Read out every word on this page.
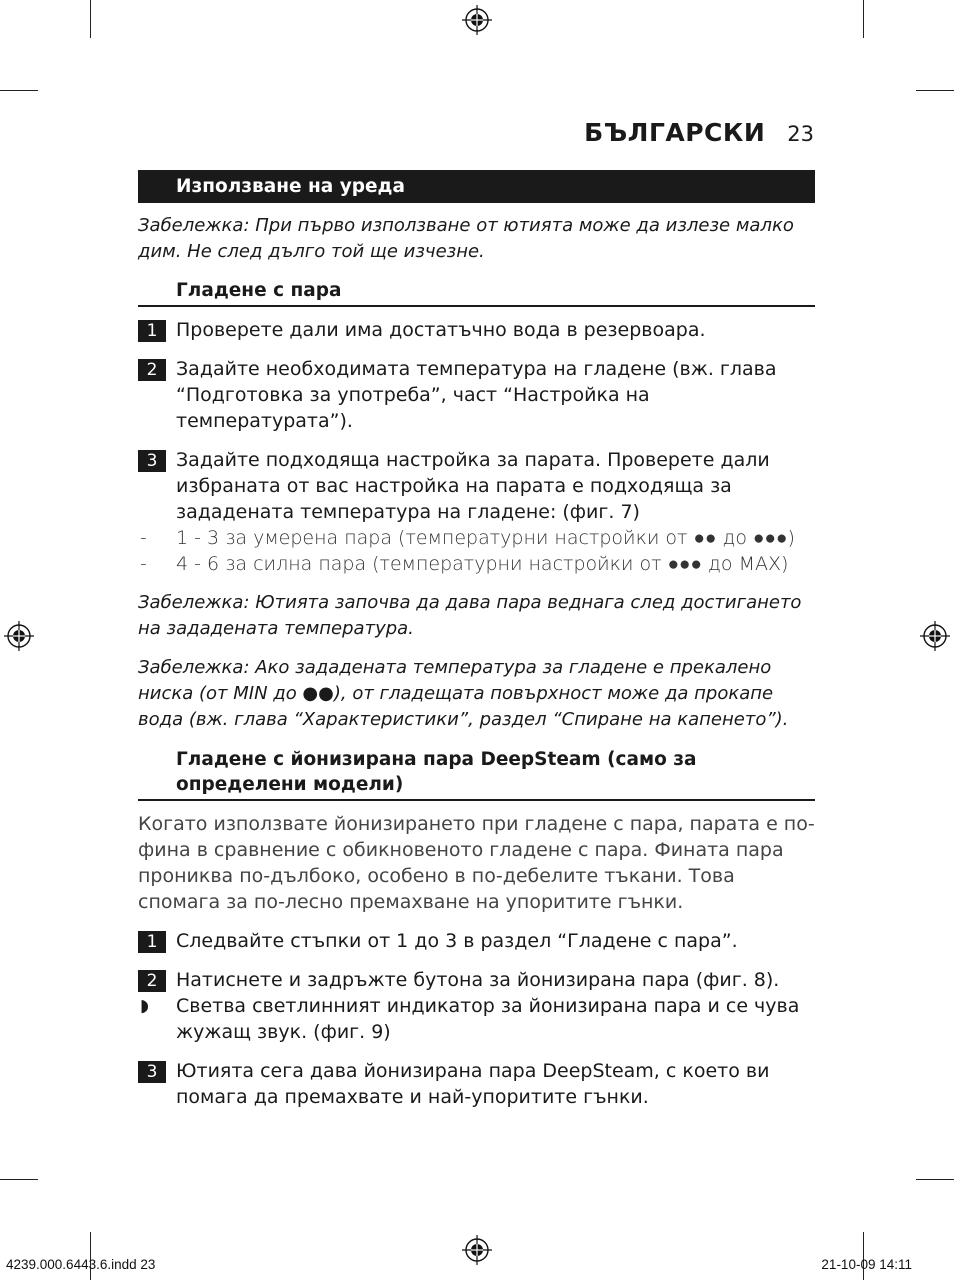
БЪЛГАРСКИ 23
Използване на уреда
Забележка: При първо използване от ютията може да излезе малко дим. Не след дълго той ще изчезне.
Гладене с пара
1 Проверете дали има достатъчно вода в резервоара.
2 Задайте необходимата температура на гладене (вж. глава “Подготовка за употреба”, част “Настройка на температурата”).
3 Задайте подходяща настройка за парата. Проверете дали избраната от вас настройка на парата е подходяща за зададената температура на гладене: (фиг. 7)
- 1 - 3 за умерена пара (температурни настройки от ●● до ●●●)
- 4 - 6 за силна пара (температурни настройки от ●●● до MAX)
Забележка: Ютията започва да дава пара веднага след достигането на зададената температура.
Забележка: Ако зададената температура за гладене е прекалено ниска (от MIN до ●●), от гладещата повърхност може да прокапе вода (вж. глава “Характеристики”, раздел “Спиране на капенето”).
Гладене с йонизирана пара DeepSteam (само за определени модели)
Когато използвате йонизирането при гладене с пара, парата е по-фина в сравнение с обикновеното гладене с пара. Фината пара прониква по-дълбоко, особено в по-дебелите тъкани. Това спомага за по-лесно премахване на упоритите гънки.
1 Следвайте стъпки от 1 до 3 в раздел “Гладене с пара”.
2 Натиснете и задръжте бутона за йонизирана пара (фиг. 8).
◗ Светва светлинният индикатор за йонизирана пара и се чува жужащ звук. (фиг. 9)
3 Ютията сега дава йонизирана пара DeepSteam, с което ви помага да премахвате и най-упоритите гънки.
4239.000.6443.6.indd 23	21-10-09 14:11
